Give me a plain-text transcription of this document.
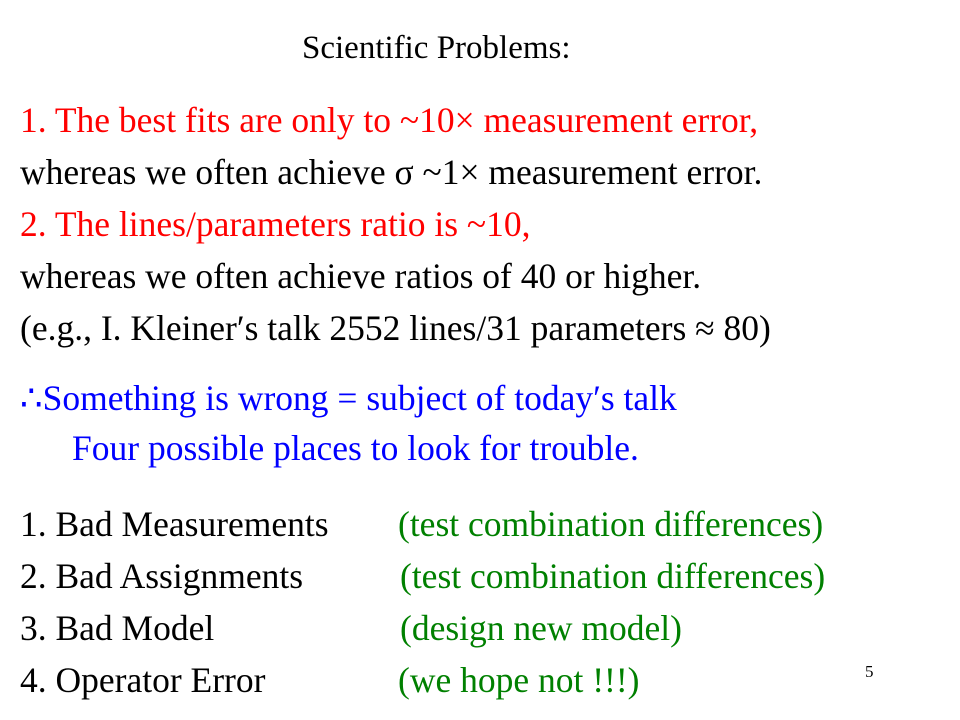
Scientific Problems:
1. The best fits are only to ~10× measurement error,
whereas we often achieve σ ~1× measurement error.
2. The lines/parameters ratio is ~10,
whereas we often achieve ratios of 40 or higher.
(e.g., I. Kleiner′s talk 2552 lines/31 parameters ≈ 80)
∴Something is wrong = subject of today′s talk
Four possible places to look for trouble.
1. Bad Measurements (test combination differences)
2. Bad Assignments	(test combination differences)
3. Bad Model	(design new model)
4. Operator Error	(we hope not !!!)	5
